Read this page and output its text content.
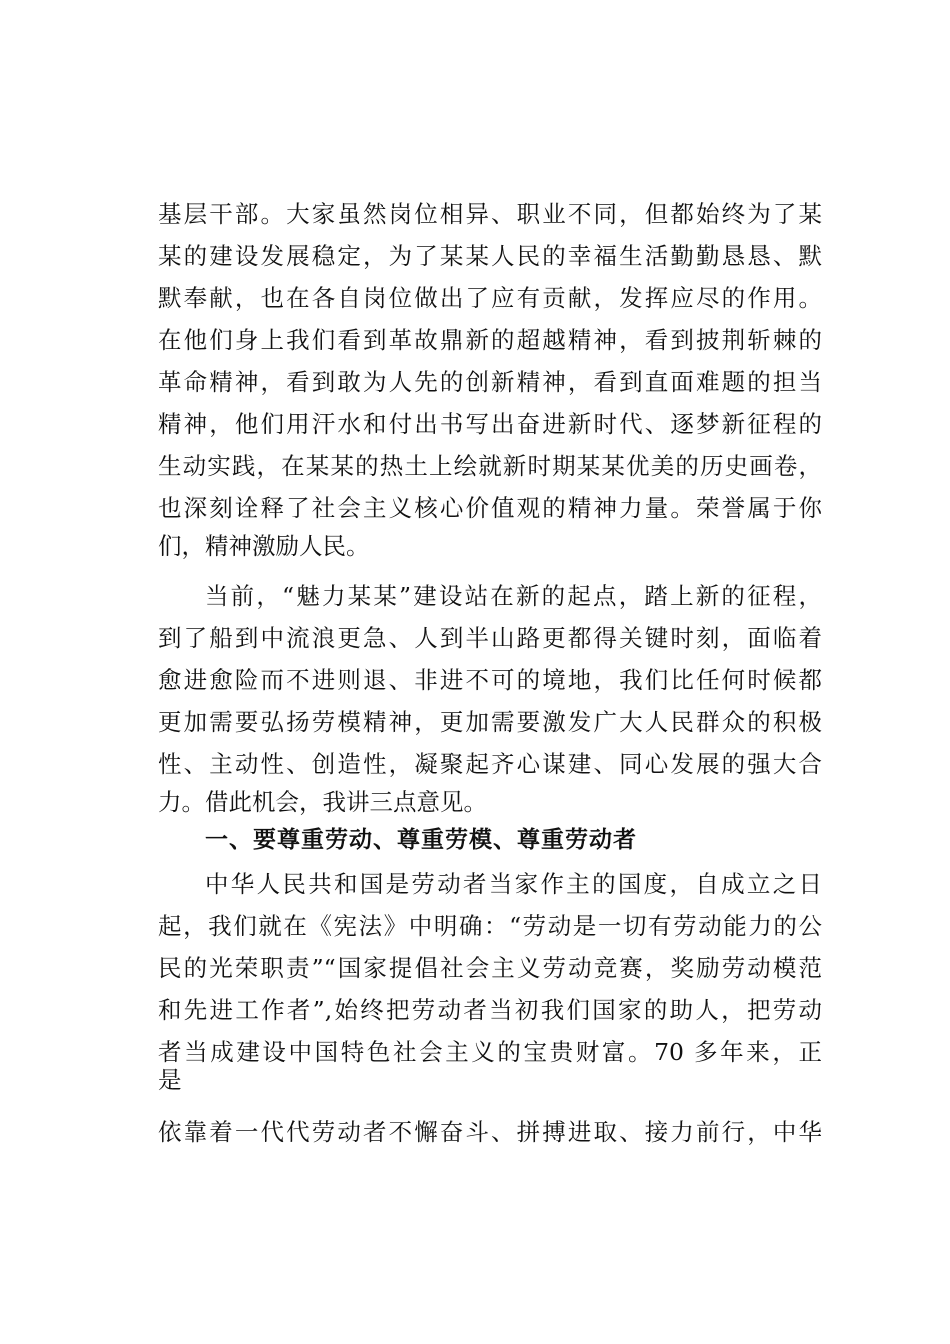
基层干部。大家虽然岗位相异、职业不同，但都始终为了某
某的建设发展稳定，为了某某人民的幸福生活勤勤恳恳、默
默奉献，也在各自岗位做出了应有贡献，发挥应尽的作用。
在他们身上我们看到革故鼎新的超越精神，看到披荆斩棘的
革命精神，看到敢为人先的创新精神，看到直面难题的担当
精神，他们用汗水和付出书写出奋进新时代、逐梦新征程的
生动实践，在某某的热土上绘就新时期某某优美的历史画卷，
也深刻诠释了社会主义核心价值观的精神力量。荣誉属于你
们，精神激励人民。
当前，“魅力某某”建设站在新的起点，踏上新的征程，
到了船到中流浪更急、人到半山路更都得关键时刻，面临着
愈进愈险而不进则退、非进不可的境地，我们比任何时候都
更加需要弘扬劳模精神，更加需要激发广大人民群众的积极
性、主动性、创造性，凝聚起齐心谋建、同心发展的强大合
力。借此机会，我讲三点意见。
一、要尊重劳动、尊重劳模、尊重劳动者
中华人民共和国是劳动者当家作主的国度，自成立之日
起，我们就在《宪法》中明确：“劳动是一切有劳动能力的公
民的光荣职责”“国家提倡社会主义劳动竞赛，奖励劳动模范
和先进工作者”,始终把劳动者当初我们国家的助人，把劳动
者当成建设中国特色社会主义的宝贵财富。70 多年来，正
是
依靠着一代代劳动者不懈奋斗、拼搏进取、接力前行，中华
